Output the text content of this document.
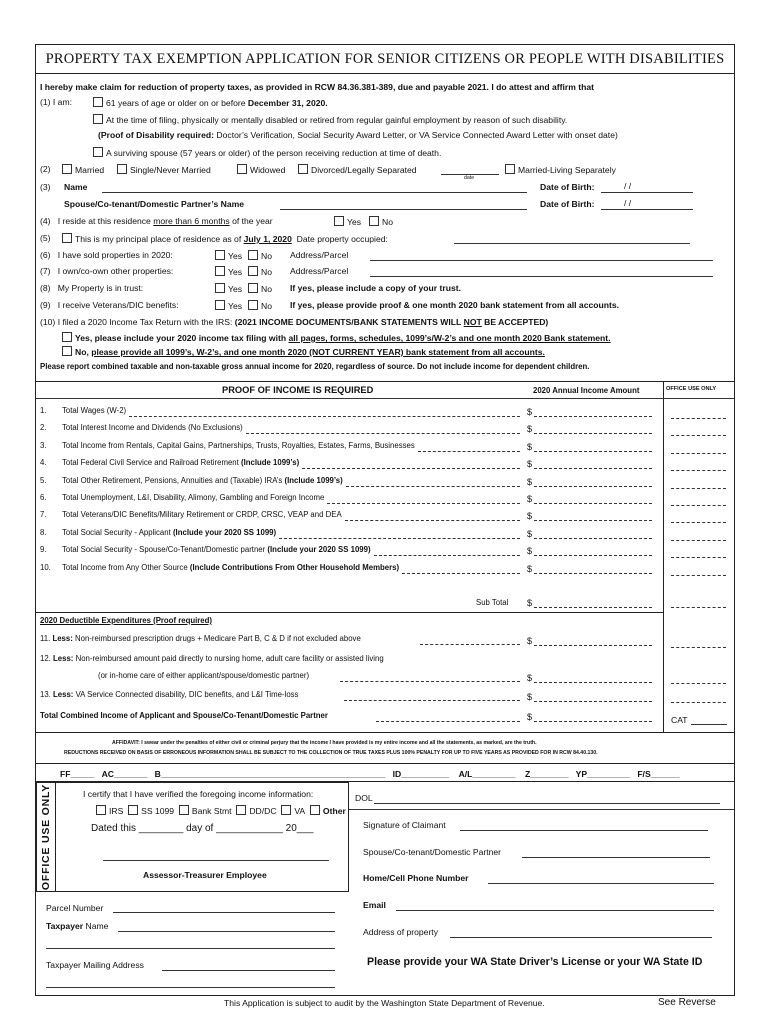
PROPERTY TAX EXEMPTION APPLICATION FOR SENIOR CITIZENS OR PEOPLE WITH DISABILITIES
I hereby make claim for reduction of property taxes, as provided in RCW 84.36.381-389, due and payable 2021. I do attest and affirm that
(1) I am:	61 years of age or older on or before December 31, 2020.
At the time of filing, physically or mentally disabled or retired from regular gainful employment by reason of such disability.
(Proof of Disability required: Doctor’s Verification, Social Security Award Letter, or VA Service Connected Award Letter with onset date)
A surviving spouse (57 years or older) of the person receiving reduction at time of death.
(2)	Married	Single/Never Married	Widowed	Divorced/Legally Separated
date
Married-Living Separately
(3) Name	Date of Birth:	/ /
Spouse/Co-tenant/Domestic Partner’s Name	Date of Birth:	/ /
(4) I reside at this residence more than 6 months of the year	Yes	No
(5)	This is my principal place of residence as of July 1, 2020 Date property occupied:
(6) I have sold properties in 2020:	Yes	No Address/Parcel
(7) I own/co-own other properties:	Yes	No Address/Parcel
(8) My Property is in trust:	Yes	No If yes, please include a copy of your trust.
(9) I receive Veterans/DIC benefits:	Yes	No If yes, please provide proof & one month 2020 bank statement from all accounts.
(10) I filed a 2020 Income Tax Return with the IRS: (2021 INCOME DOCUMENTS/BANK STATEMENTS WILL NOT BE ACCEPTED)
Yes, please include your 2020 income tax filing with all pages, forms, schedules, 1099’s/W-2’s and one month 2020 Bank statement.
No, please provide all 1099’s, W-2’s, and one month 2020 (NOT CURRENT YEAR) bank statement from all accounts.
Please report combined taxable and non-taxable gross annual income for 2020, regardless of source. Do not include income for dependent children.
PROOF OF INCOME IS REQUIRED	2020 Annual Income Amount	OFFICE USE ONLY
1. Total Wages (W-2)	$
2. Total Interest Income and Dividends (No Exclusions)	$
3. Total Income from Rentals, Capital Gains, Partnerships, Trusts, Royalties, Estates, Farms, Businesses	$
4. Total Federal Civil Service and Railroad Retirement (Include 1099’s)	$
5. Total Other Retirement, Pensions, Annuities and (Taxable) IRA’s (Include 1099’s)	$
6. Total Unemployment, L&I, Disability, Alimony, Gambling and Foreign Income	$
7. Total Veterans/DIC Benefits/Military Retirement or CRDP, CRSC, VEAP and DEA	$
8. Total Social Security - Applicant (Include your 2020 SS 1099)	$
9. Total Social Security - Spouse/Co-Tenant/Domestic partner (Include your 2020 SS 1099)	$
10. Total Income from Any Other Source (Include Contributions From Other Household Members)	$
Sub Total $
2020 Deductible Expenditures (Proof required)
11. Less: Non-reimbursed prescription drugs + Medicare Part B, C & D if not excluded above	$
12. Less: Non-reimbursed amount paid directly to nursing home, adult care facility or assisted living
(or in-home care of either applicant/spouse/domestic partner)	$
13. Less: VA Service Connected disability, DIC benefits, and L&I Time-loss	$
Total Combined Income of Applicant and Spouse/Co-Tenant/Domestic Partner	$	CAT
AFFIDAVIT: I swear under the penalties of either civil or criminal perjury that the income I have provided is my entire income and all the statements, as marked, are the truth.
REDUCTIONS RECEIVED ON BASIS OF ERRONEOUS INFORMATION SHALL BE SUBJECT TO THE COLLECTION OF TRUE TAXES PLUS 100% PENALTY FOR UP TO FIVE YEARS AS PROVIDED FOR IN RCW 84.40.130.
FF_____   AC_______   B_______________________________________________   ID__________    A/L_________    Z________   YP_________   F/S______
OFFICE USE ONLY	I certify that I have verified the foregoing income information:
IRS SS 1099 Bank Stmt DD/DC VA Other
Dated this ________ day of ____________ 20___
Assessor-Treasurer Employee
DOL
Signature of Claimant
Spouse/Co-tenant/Domestic Partner
Home/Cell Phone Number
Email
Address of property
Please provide your WA State Driver’s License or your WA State ID
Parcel Number
Taxpayer Name
Taxpayer Mailing Address
This Application is subject to audit by the Washington State Department of Revenue.	See Reverse
